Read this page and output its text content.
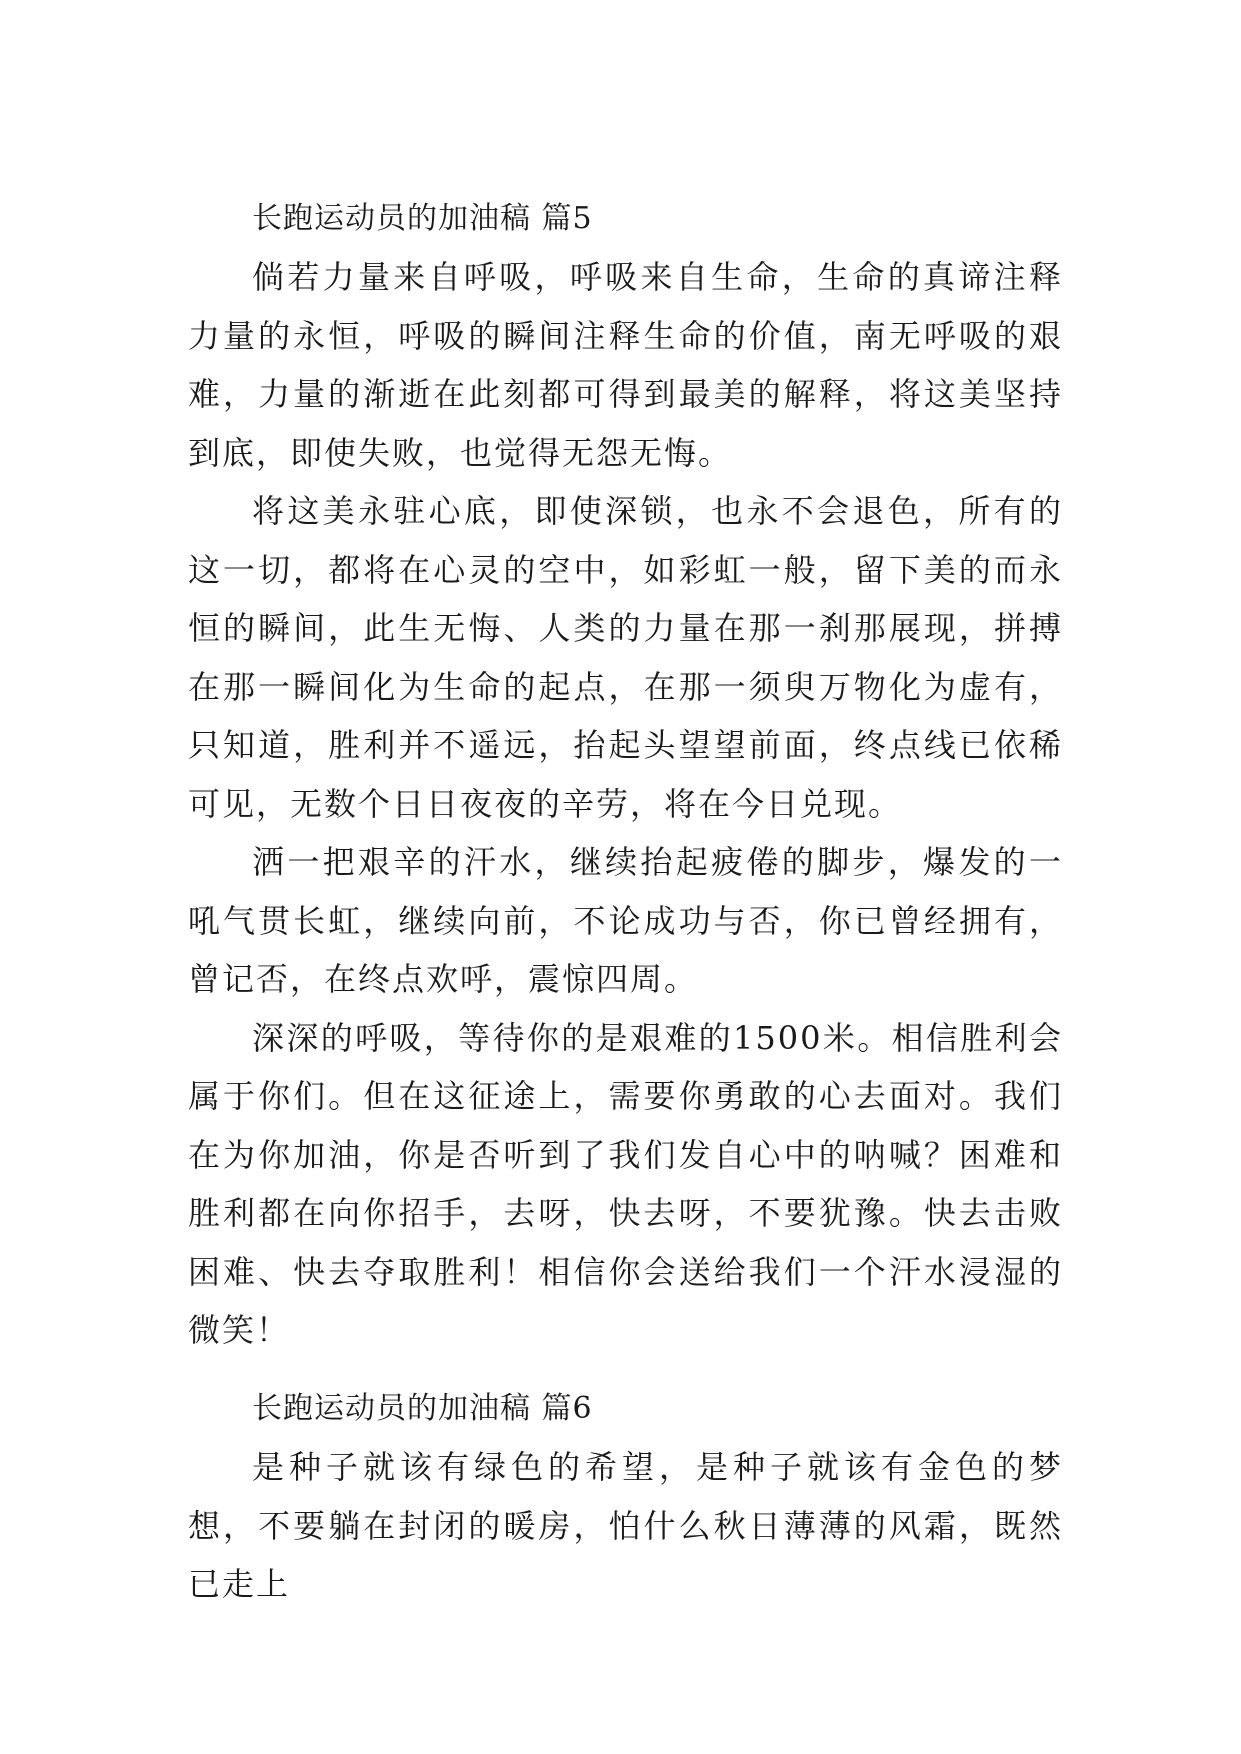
长跑运动员的加油稿 篇5

倘若力量来自呼吸，呼吸来自生命，生命的真谛注释力量的永恒，呼吸的瞬间注释生命的价值，南无呼吸的艰难，力量的渐逝在此刻都可得到最美的解释，将这美坚持到底，即使失败，也觉得无怨无悔。

将这美永驻心底，即使深锁，也永不会退色，所有的这一切，都将在心灵的空中，如彩虹一般，留下美的而永恒的瞬间，此生无悔、人类的力量在那一刹那展现，拼搏在那一瞬间化为生命的起点，在那一须臾万物化为虚有，只知道，胜利并不遥远，抬起头望望前面，终点线已依稀可见，无数个日日夜夜的辛劳，将在今日兑现。

洒一把艰辛的汗水，继续抬起疲倦的脚步，爆发的一吼气贯长虹，继续向前，不论成功与否，你已曾经拥有，曾记否，在终点欢呼，震惊四周。

深深的呼吸，等待你的是艰难的1500米。相信胜利会属于你们。但在这征途上，需要你勇敢的心去面对。我们在为你加油，你是否听到了我们发自心中的呐喊？困难和胜利都在向你招手，去呀，快去呀，不要犹豫。快去击败困难、快去夺取胜利！相信你会送给我们一个汗水浸湿的微笑！

长跑运动员的加油稿 篇6

是种子就该有绿色的希望，是种子就该有金色的梦想，不要躺在封闭的暖房，怕什么秋日薄薄的风霜，既然已走上
